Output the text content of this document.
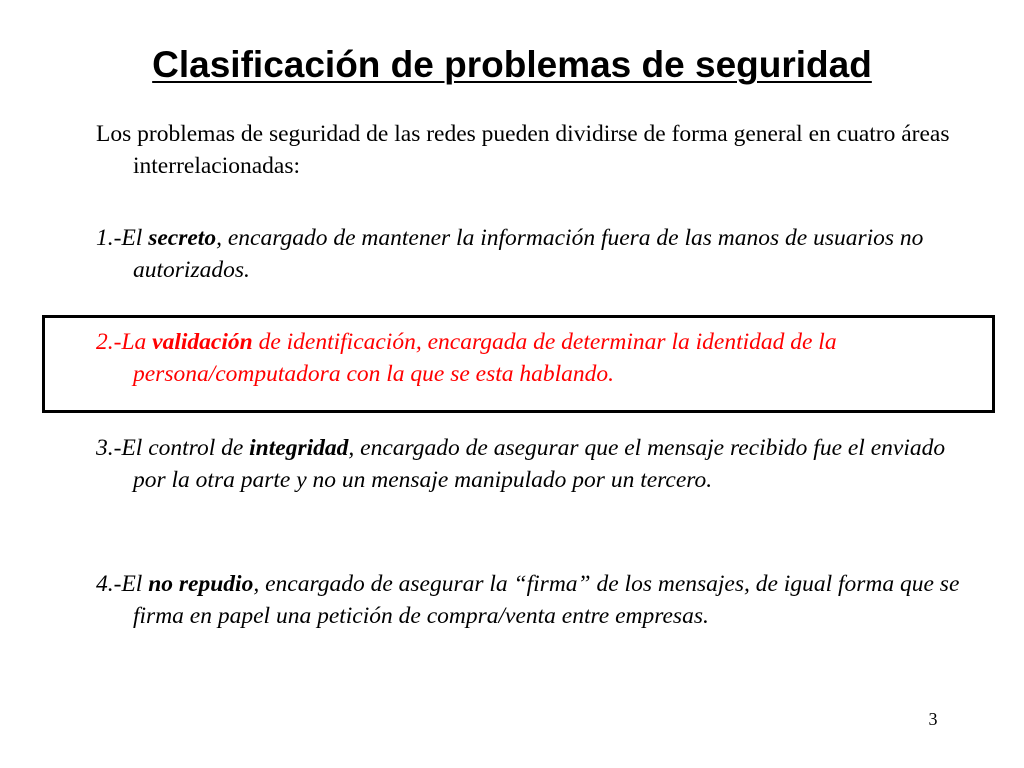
Clasificación de problemas de seguridad

Los problemas de seguridad de las redes pueden dividirse de forma general en cuatro áreas interrelacionadas:

1.-El secreto, encargado de mantener la información fuera de las manos de usuarios no autorizados.

2.-La validación de identificación, encargada de determinar la identidad de la persona/computadora con la que se esta hablando.

3.-El control de integridad, encargado de asegurar que el mensaje recibido fue el enviado por la otra parte y no un mensaje manipulado por un tercero.

4.-El no repudio, encargado de asegurar la “firma” de los mensajes, de igual forma que se firma en papel una petición de compra/venta entre empresas.

3
